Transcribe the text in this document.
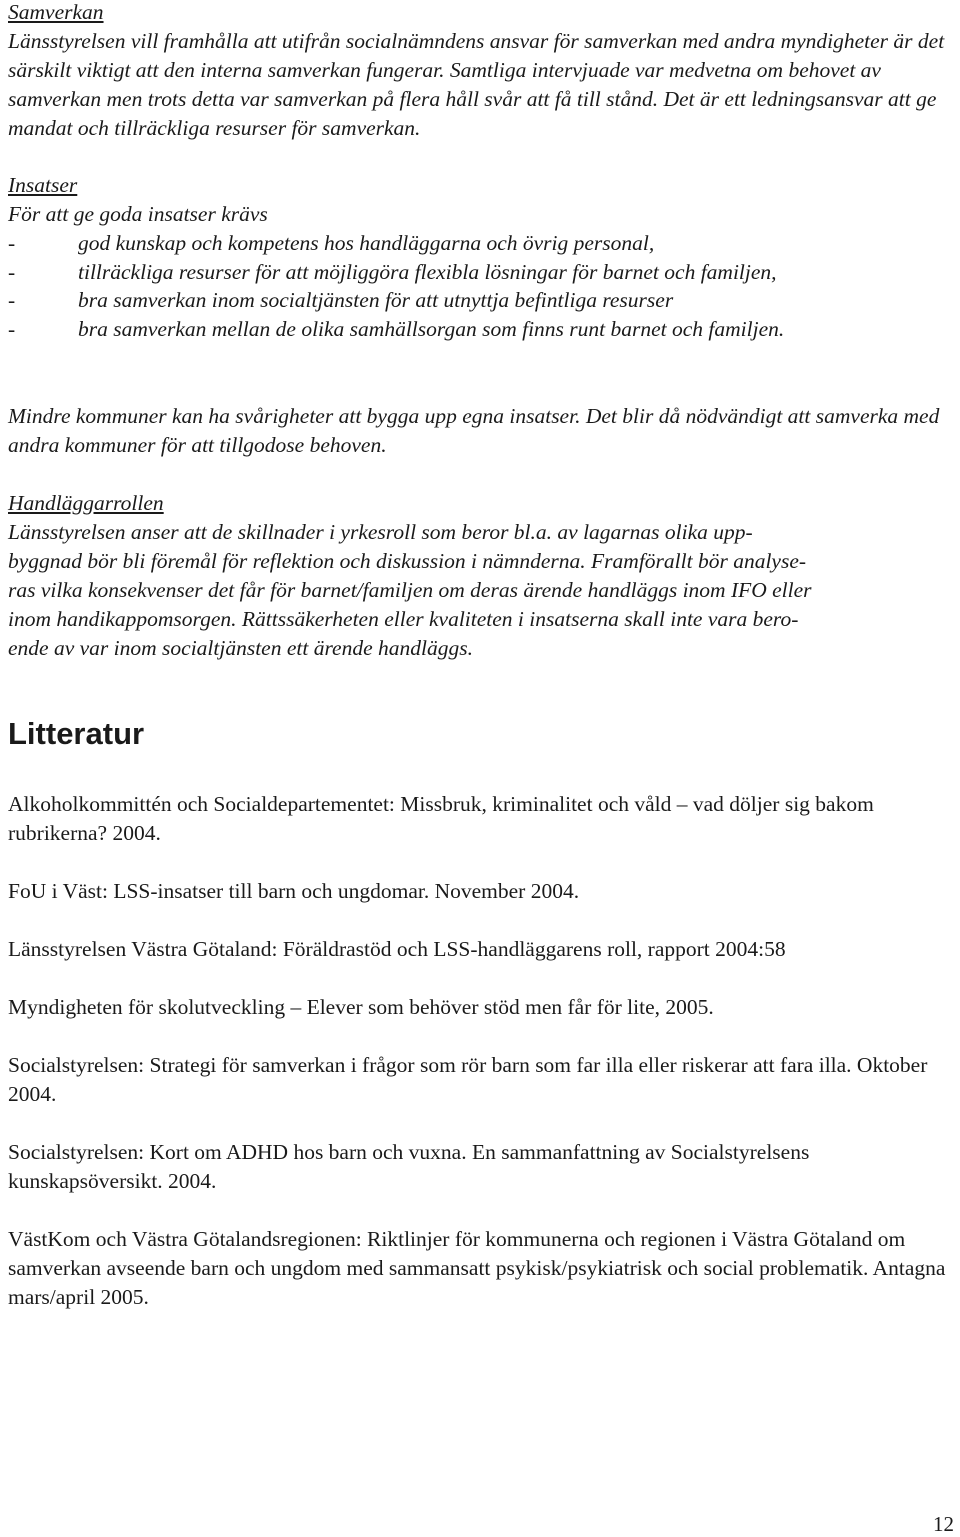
Samverkan

Länsstyrelsen vill framhålla att utifrån socialnämndens ansvar för samverkan med andra myndigheter är det särskilt viktigt att den interna samverkan fungerar. Samtliga intervjuade var medvetna om behovet av samverkan men trots detta var samverkan på flera håll svår att få till stånd. Det är ett ledningsansvar att ge mandat och tillräckliga resurser för samverkan.

Insatser

För att ge goda insatser krävs

-	god kunskap och kompetens hos handläggarna och övrig personal,
-	tillräckliga resurser för att möjliggöra flexibla lösningar för barnet och familjen,
-	bra samverkan inom socialtjänsten för att utnyttja befintliga resurser
-	bra samverkan mellan de olika samhällsorgan som finns runt barnet och familjen.

Mindre kommuner kan ha svårigheter att bygga upp egna insatser. Det blir då nödvändigt att samverka med andra kommuner för att tillgodose behoven.

Handläggarrollen

Länsstyrelsen anser att de skillnader i yrkesroll som beror bl.a. av lagarnas olika upp-

byggnad bör bli föremål för reflektion och diskussion i nämnderna. Framförallt bör analyse-

ras vilka konsekvenser det får för barnet/familjen om deras ärende handläggs inom IFO eller

inom handikappomsorgen. Rättssäkerheten eller kvaliteten i insatserna skall inte vara bero-

ende av var inom socialtjänsten ett ärende handläggs.

Litteratur

Alkoholkommittén och Socialdepartementet: Missbruk, kriminalitet och våld – vad döljer sig bakom rubrikerna? 2004.

FoU i Väst: LSS-insatser till barn och ungdomar. November 2004.

Länsstyrelsen Västra Götaland: Föräldrastöd och LSS-handläggarens roll, rapport 2004:58

Myndigheten för skolutveckling – Elever som behöver stöd men får för lite, 2005.

Socialstyrelsen: Strategi för samverkan i frågor som rör barn som far illa eller riskerar att fara illa. Oktober 2004.

Socialstyrelsen: Kort om ADHD hos barn och vuxna. En sammanfattning av Socialstyrelsens kunskapsöversikt. 2004.

VästKom och Västra Götalandsregionen: Riktlinjer för kommunerna och regionen i Västra Götaland om samverkan avseende barn och ungdom med sammansatt psykisk/psykiatrisk och social problematik. Antagna mars/april 2005.

12
